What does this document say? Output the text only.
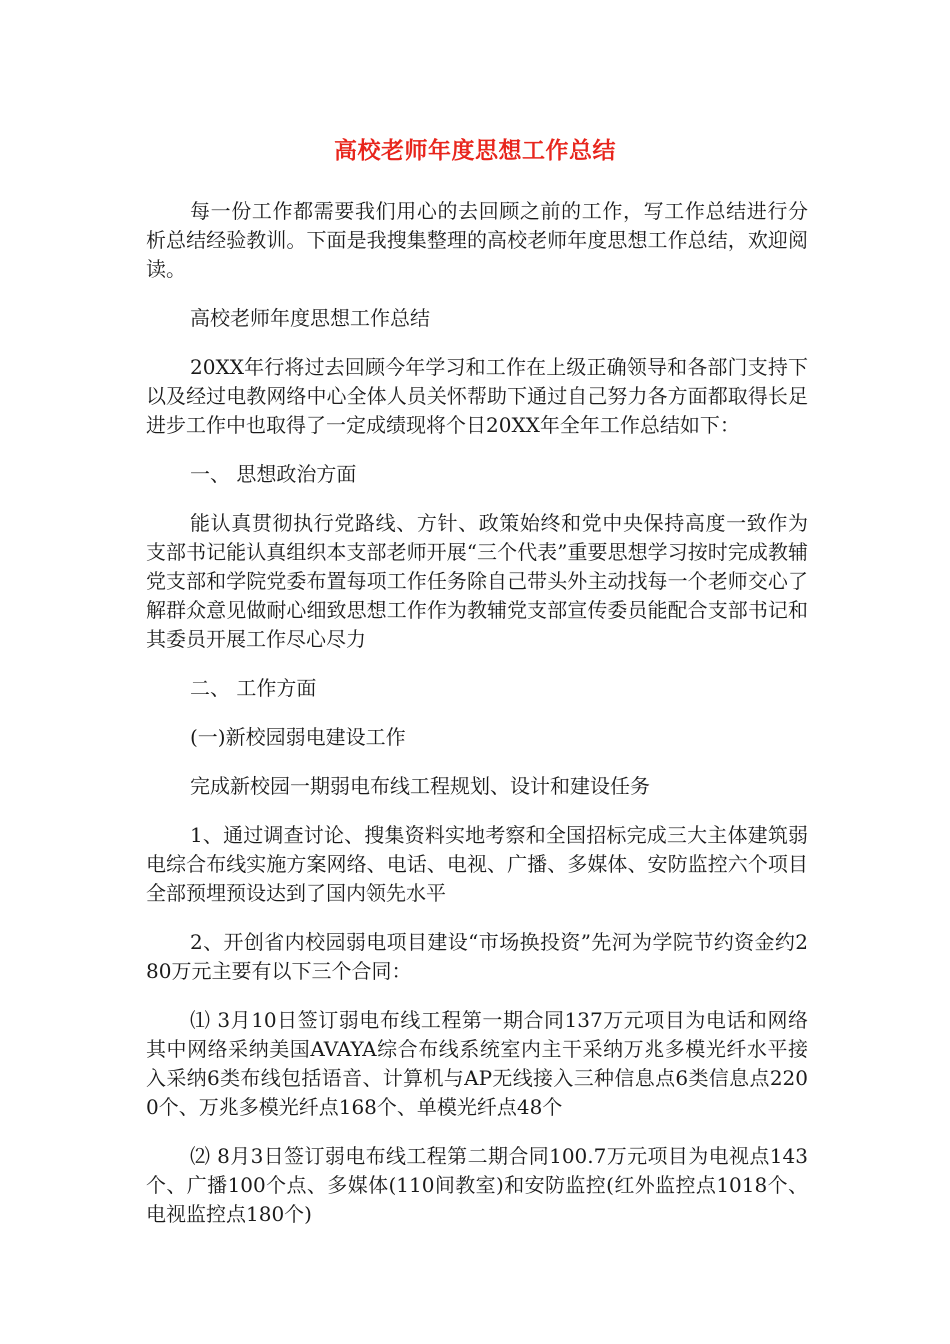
高校老师年度思想工作总结

每一份工作都需要我们用心的去回顾之前的工作，写工作总结进行分析总结经验教训。下面是我搜集整理的高校老师年度思想工作总结，欢迎阅读。

高校老师年度思想工作总结

20XX年行将过去回顾今年学习和工作在上级正确领导和各部门支持下以及经过电教网络中心全体人员关怀帮助下通过自己努力各方面都取得长足进步工作中也取得了一定成绩现将个日20XX年全年工作总结如下：

一、 思想政治方面

能认真贯彻执行党路线、方针、政策始终和党中央保持高度一致作为支部书记能认真组织本支部老师开展“三个代表”重要思想学习按时完成教辅党支部和学院党委布置每项工作任务除自己带头外主动找每一个老师交心了解群众意见做耐心细致思想工作作为教辅党支部宣传委员能配合支部书记和其委员开展工作尽心尽力

二、 工作方面

(一)新校园弱电建设工作

完成新校园一期弱电布线工程规划、设计和建设任务

1、通过调查讨论、搜集资料实地考察和全国招标完成三大主体建筑弱电综合布线实施方案网络、电话、电视、广播、多媒体、安防监控六个项目全部预埋预设达到了国内领先水平

2、开创省内校园弱电项目建设“市场换投资”先河为学院节约资金约280万元主要有以下三个合同：

⑴ 3月10日签订弱电布线工程第一期合同137万元项目为电话和网络其中网络采纳美国AVAYA综合布线系统室内主干采纳万兆多模光纤水平接入采纳6类布线包括语音、计算机与AP无线接入三种信息点6类信息点2200个、万兆多模光纤点168个、单模光纤点48个

⑵ 8月3日签订弱电布线工程第二期合同100.7万元项目为电视点143个、广播100个点、多媒体(110间教室)和安防监控(红外监控点1018个、电视监控点180个)
